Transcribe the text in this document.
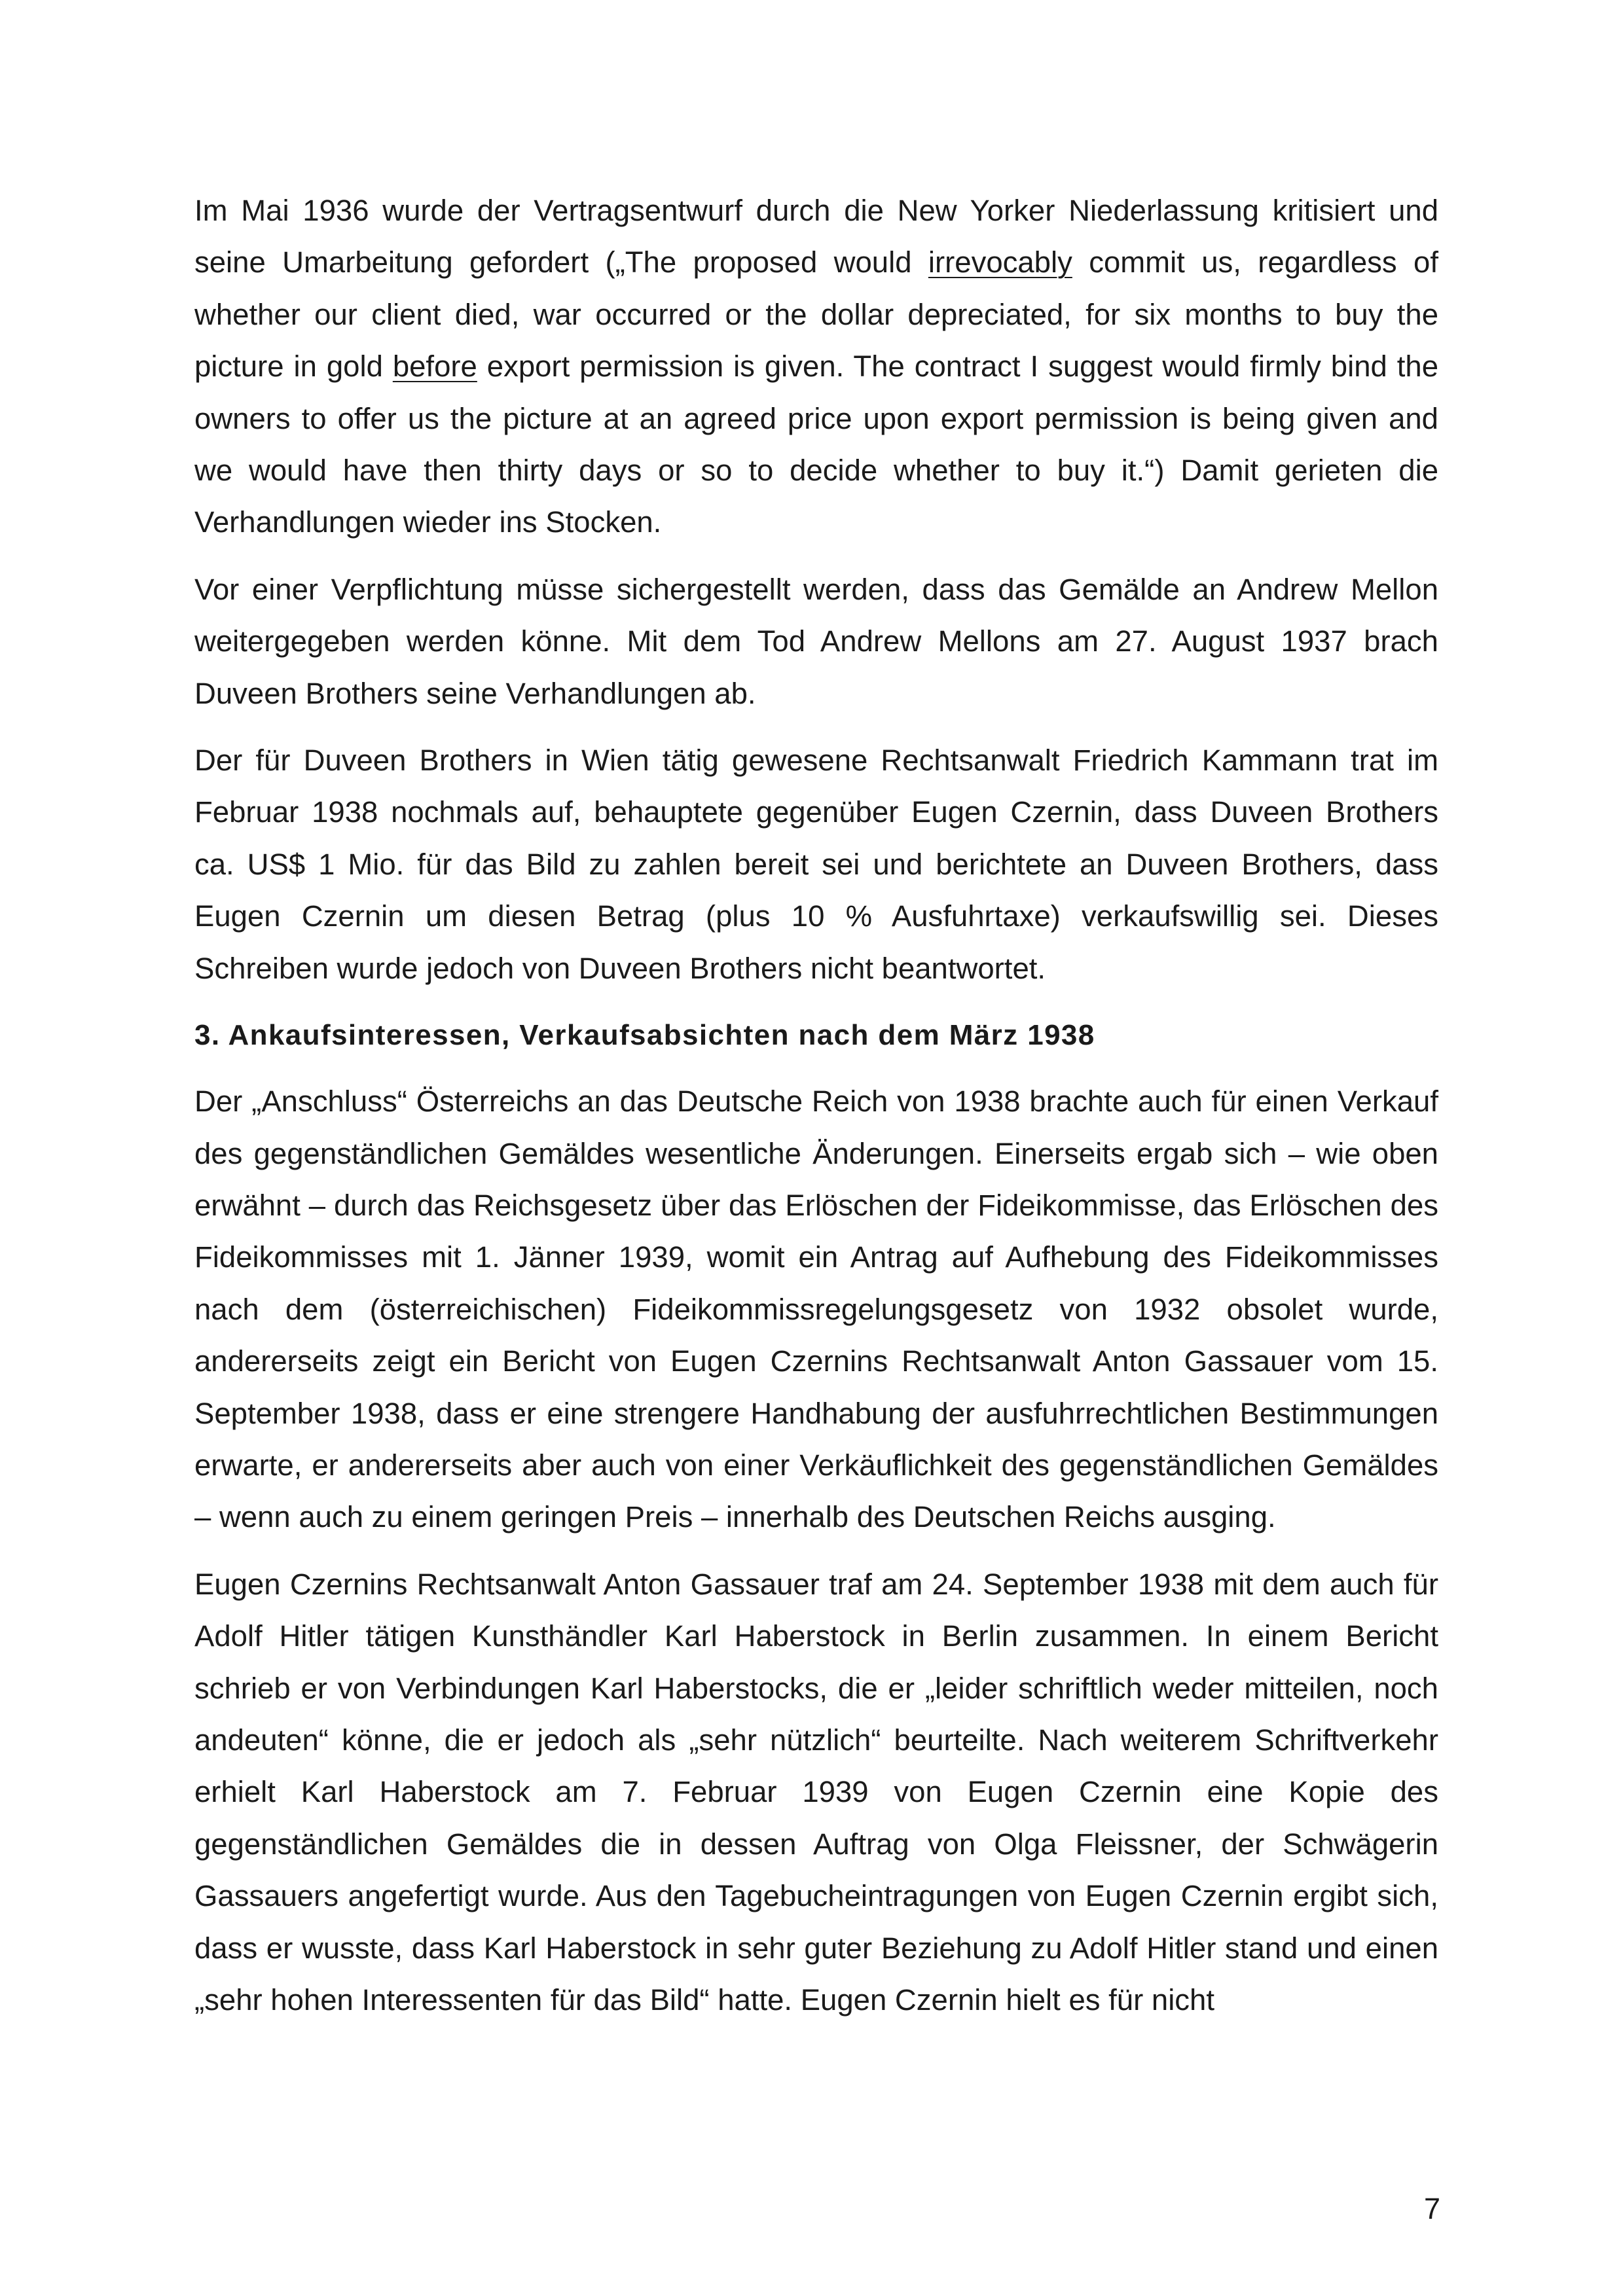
Im Mai 1936 wurde der Vertragsentwurf durch die New Yorker Niederlassung kritisiert und seine Umarbeitung gefordert („The proposed would irrevocably commit us, regardless of whether our client died, war occurred or the dollar depreciated, for six months to buy the picture in gold before export permission is given. The contract I suggest would firmly bind the owners to offer us the picture at an agreed price upon export permission is being given and we would have then thirty days or so to decide whether to buy it.“) Damit gerieten die Verhandlungen wieder ins Stocken.

Vor einer Verpflichtung müsse sichergestellt werden, dass das Gemälde an Andrew Mellon weitergegeben werden könne. Mit dem Tod Andrew Mellons am 27. August 1937 brach Duveen Brothers seine Verhandlungen ab.

Der für Duveen Brothers in Wien tätig gewesene Rechtsanwalt Friedrich Kammann trat im Februar 1938 nochmals auf, behauptete gegenüber Eugen Czernin, dass Duveen Brothers ca. US$ 1 Mio. für das Bild zu zahlen bereit sei und berichtete an Duveen Brothers, dass Eugen Czernin um diesen Betrag (plus 10 % Ausfuhrtaxe) verkaufswillig sei. Dieses Schreiben wurde jedoch von Duveen Brothers nicht beantwortet.

3. Ankaufsinteressen, Verkaufsabsichten nach dem März 1938

Der „Anschluss“ Österreichs an das Deutsche Reich von 1938 brachte auch für einen Verkauf des gegenständlichen Gemäldes wesentliche Änderungen. Einerseits ergab sich – wie oben erwähnt – durch das Reichsgesetz über das Erlöschen der Fideikommisse, das Erlöschen des Fideikommisses mit 1. Jänner 1939, womit ein Antrag auf Aufhebung des Fideikommisses nach dem (österreichischen) Fideikommissregelungsgesetz von 1932 obsolet wurde, andererseits zeigt ein Bericht von Eugen Czernins Rechtsanwalt Anton Gassauer vom 15. September 1938, dass er eine strengere Handhabung der ausfuhrrechtlichen Bestimmungen erwarte, er andererseits aber auch von einer Verkäuflichkeit des gegenständlichen Gemäldes – wenn auch zu einem geringen Preis – innerhalb des Deutschen Reichs ausging.

Eugen Czernins Rechtsanwalt Anton Gassauer traf am 24. September 1938 mit dem auch für Adolf Hitler tätigen Kunsthändler Karl Haberstock in Berlin zusammen. In einem Bericht schrieb er von Verbindungen Karl Haberstocks, die er „leider schriftlich weder mitteilen, noch andeuten“ könne, die er jedoch als „sehr nützlich“ beurteilte. Nach weiterem Schriftverkehr erhielt Karl Haberstock am 7. Februar 1939 von Eugen Czernin eine Kopie des gegenständlichen Gemäldes die in dessen Auftrag von Olga Fleissner, der Schwägerin Gassauers angefertigt wurde. Aus den Tagebucheintragungen von Eugen Czernin ergibt sich, dass er wusste, dass Karl Haberstock in sehr guter Beziehung zu Adolf Hitler stand und einen „sehr hohen Interessenten für das Bild“ hatte. Eugen Czernin hielt es für nicht

7
